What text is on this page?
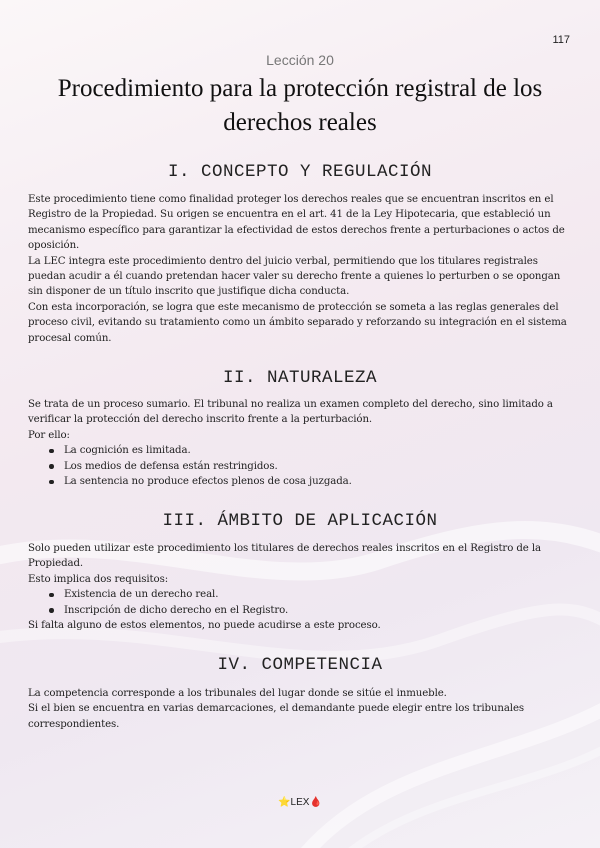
117
Lección 20
Procedimiento para la protección registral de los derechos reales
I. CONCEPTO Y REGULACIÓN

Este procedimiento tiene como finalidad proteger los derechos reales que se encuentran inscritos en el Registro de la Propiedad. Su origen se encuentra en el art. 41 de la Ley Hipotecaria, que estableció un mecanismo específico para garantizar la efectividad de estos derechos frente a perturbaciones o actos de oposición.

La LEC integra este procedimiento dentro del juicio verbal, permitiendo que los titulares registrales puedan acudir a él cuando pretendan hacer valer su derecho frente a quienes lo perturben o se opongan sin disponer de un título inscrito que justifique dicha conducta.

Con esta incorporación, se logra que este mecanismo de protección se someta a las reglas generales del proceso civil, evitando su tratamiento como un ámbito separado y reforzando su integración en el sistema procesal común.

II. NATURALEZA

Se trata de un proceso sumario. El tribunal no realiza un examen completo del derecho, sino limitado a verificar la protección del derecho inscrito frente a la perturbación.

Por ello:

La cognición es limitada.
Los medios de defensa están restringidos.
La sentencia no produce efectos plenos de cosa juzgada.
III. ÁMBITO DE APLICACIÓN

Solo pueden utilizar este procedimiento los titulares de derechos reales inscritos en el Registro de la Propiedad.

Esto implica dos requisitos:

Existencia de un derecho real.
Inscripción de dicho derecho en el Registro.

Si falta alguno de estos elementos, no puede acudirse a este proceso.

IV. COMPETENCIA

La competencia corresponde a los tribunales del lugar donde se sitúe el inmueble.

Si el bien se encuentra en varias demarcaciones, el demandante puede elegir entre los tribunales correspondientes.

⭐LEX🩸
